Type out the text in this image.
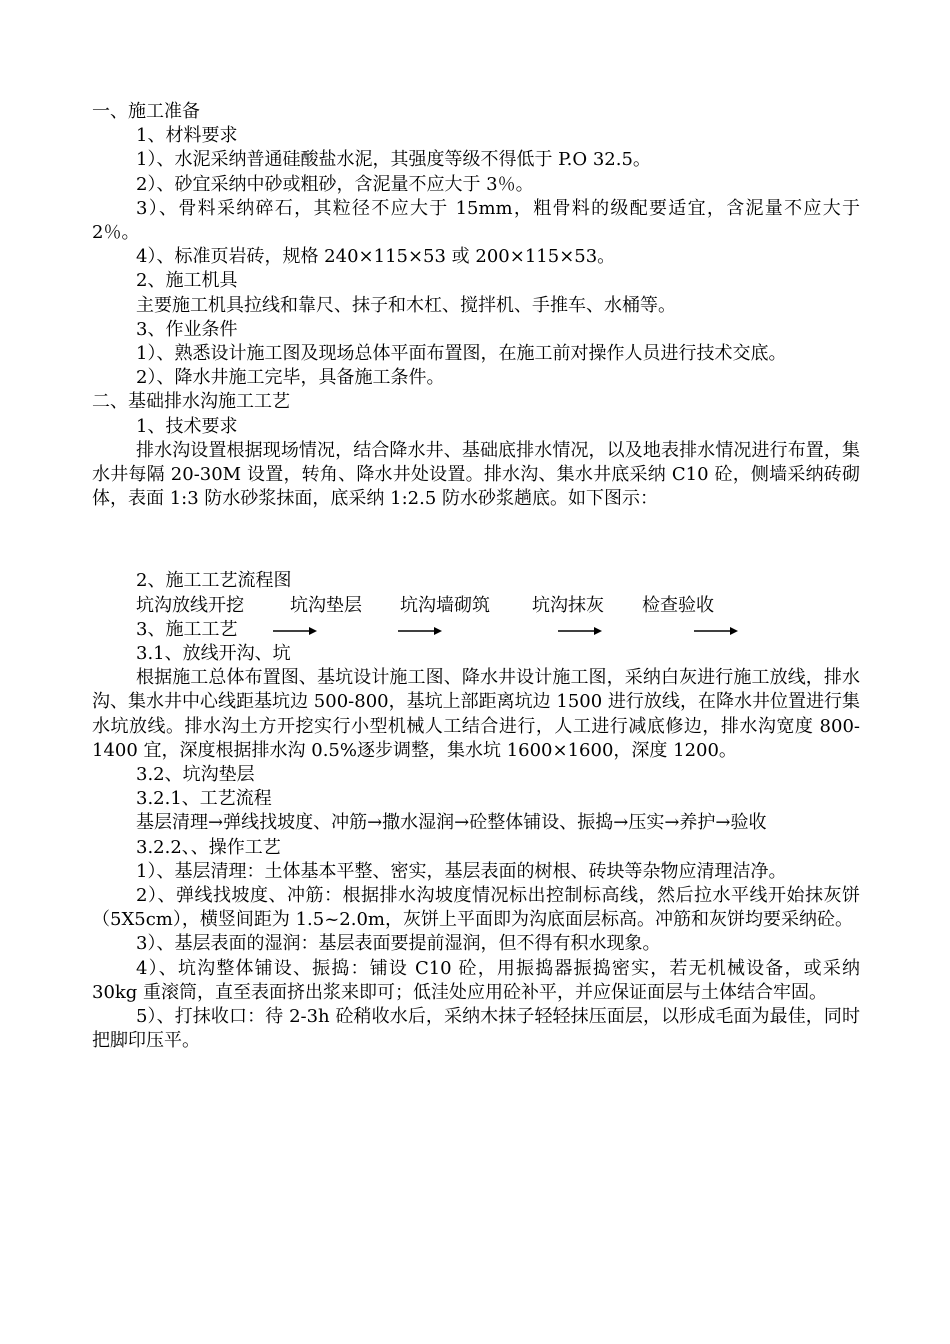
一、施工准备

1、材料要求

1）、水泥采纳普通硅酸盐水泥，其强度等级不得低于 P.O 32.5。

2）、砂宜采纳中砂或粗砂，含泥量不应大于 3％。

3）、骨料采纳碎石，其粒径不应大于 15mm，粗骨料的级配要适宜，含泥量不应大于 2％。

4）、标准页岩砖，规格 240×115×53 或 200×115×53。

2、施工机具

主要施工机具拉线和靠尺、抹子和木杠、搅拌机、手推车、水桶等。

3、作业条件

1）、熟悉设计施工图及现场总体平面布置图，在施工前对操作人员进行技术交底。

2）、降水井施工完毕，具备施工条件。

二、基础排水沟施工工艺

1、技术要求

排水沟设置根据现场情况，结合降水井、基础底排水情况，以及地表排水情况进行布置，集水井每隔 20-30M 设置，转角、降水井处设置。排水沟、集水井底采纳 C10 砼，侧墙采纳砖砌体，表面 1:3 防水砂浆抹面，底采纳 1:2.5 防水砂浆趟底。如下图示：

2、施工工艺流程图

坑沟放线开挖	坑沟垫层 坑沟墙砌筑 坑沟抹灰 检查验收

3、施工工艺

3.1、放线开沟、坑

根据施工总体布置图、基坑设计施工图、降水井设计施工图，采纳白灰进行施工放线，排水沟、集水井中心线距基坑边 500-800，基坑上部距离坑边 1500 进行放线，在降水井位置进行集水坑放线。排水沟土方开挖实行小型机械人工结合进行，人工进行减底修边，排水沟宽度 800-1400 宜，深度根据排水沟 0.5%逐步调整，集水坑 1600×1600，深度 1200。

3.2、坑沟垫层

3.2.1、工艺流程

基层清理→弹线找坡度、冲筋→撒水湿润→砼整体铺设、振捣→压实→养护→验收

3.2.2、、操作工艺

1）、基层清理：土体基本平整、密实，基层表面的树根、砖块等杂物应清理洁净。

2）、弹线找坡度、冲筋：根据排水沟坡度情况标出控制标高线，然后拉水平线开始抹灰饼（5X5cm），横竖间距为 1.5~2.0m，灰饼上平面即为沟底面层标高。冲筋和灰饼均要采纳砼。

3）、基层表面的湿润：基层表面要提前湿润，但不得有积水现象。

4）、坑沟整体铺设、振捣：铺设 C10 砼，用振捣器振捣密实，若无机械设备，或采纳 30kg 重滚筒，直至表面挤出浆来即可；低洼处应用砼补平，并应保证面层与土体结合牢固。

5）、打抹收口：待 2-3h 砼稍收水后，采纳木抹子轻轻抹压面层，以形成毛面为最佳，同时把脚印压平。
